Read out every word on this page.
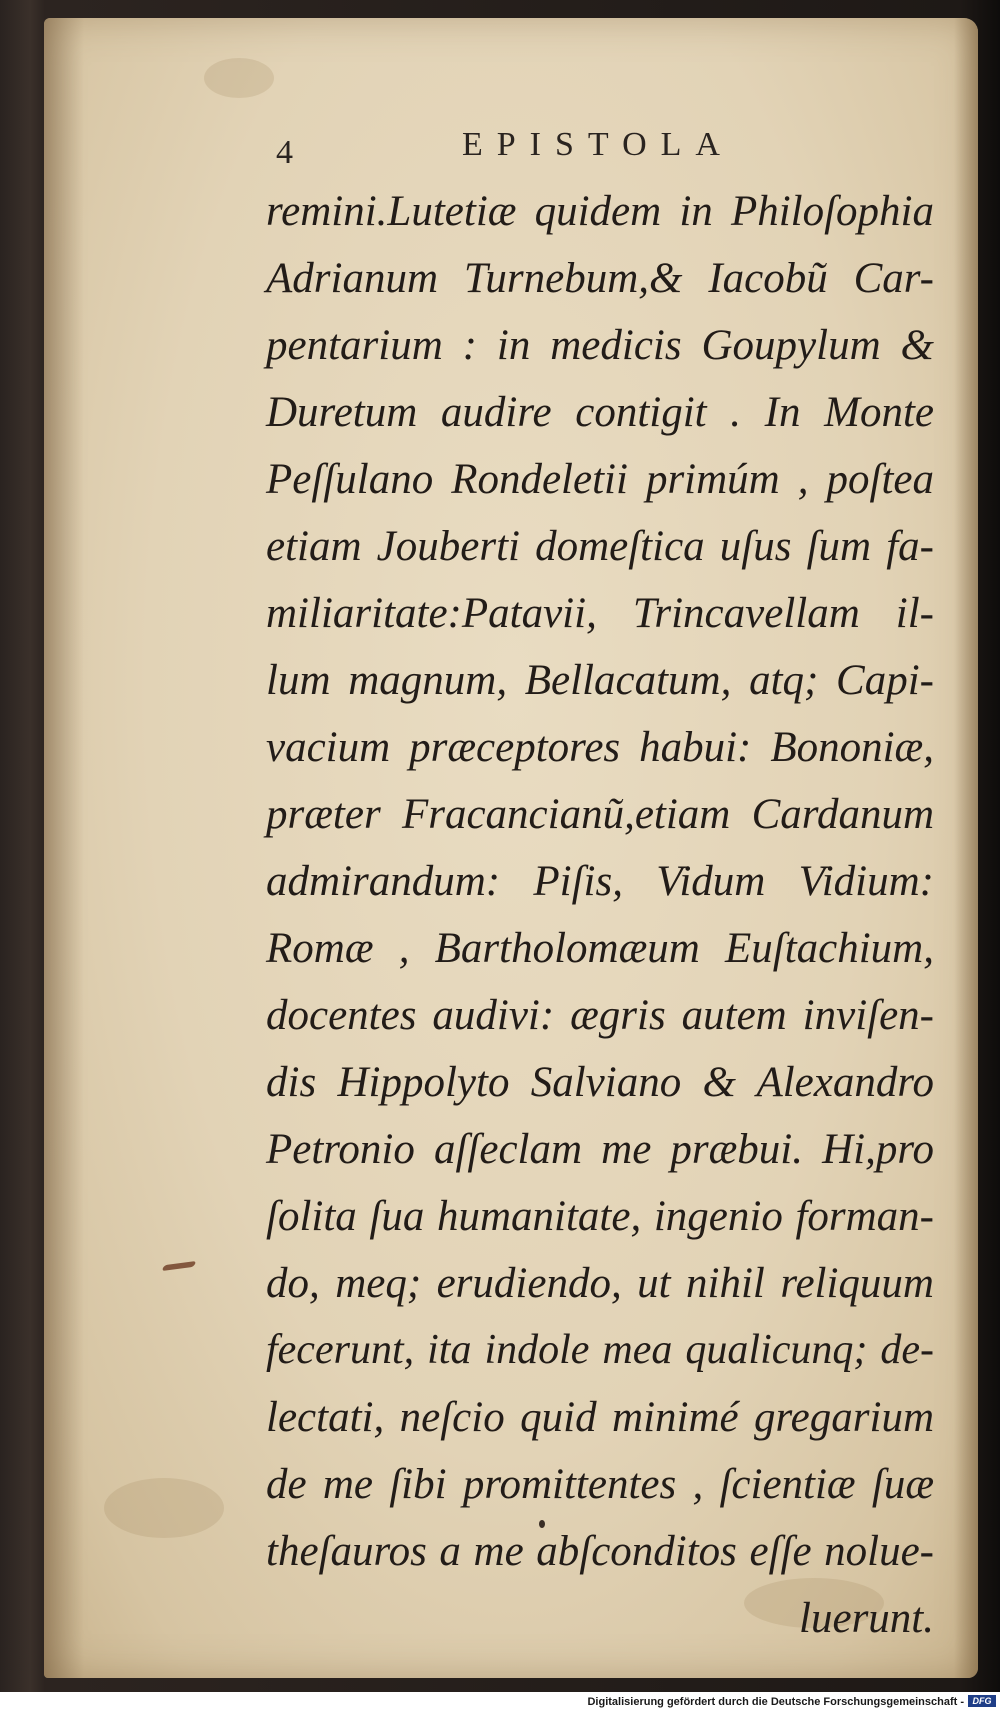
4	EPISTOLA
remini.Lutetiæ quidem in Philoſophia
Adrianum Turnebum,& Iacobũ Car-
pentarium : in medicis Goupylum &
Duretum audire contigit . In Monte
Peſſulano Rondeletii primúm , poſtea
etiam Jouberti domeſtica uſus ſum fa-
miliaritate:Patavii, Trincavellam il-
lum magnum, Bellacatum, atq; Capi-
vacium præceptores habui: Bononiæ,
præter Fracancianũ,etiam Cardanum
admirandum: Piſis, Vidum Vidium:
Romæ , Bartholomæum Euſtachium,
docentes audivi: ægris autem inviſen-
dis Hippolyto Salviano & Alexandro
Petronio aſſeclam me præbui. Hi,pro
ſolita ſua humanitate, ingenio forman-
do, meq; erudiendo, ut nihil reliquum
fecerunt, ita indole mea qualicunq; de-
lectati, neſcio quid minimé gregarium
de me ſibi promittentes , ſcientiæ ſuæ
theſauros a me abſconditos eſſe nolue-
luerunt.
Digitalisierung gefördert durch die Deutsche Forschungsgemeinschaft - DFG
